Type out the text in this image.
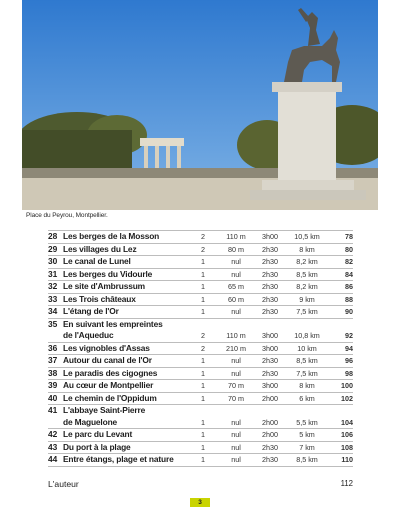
Place du Peyrou, Montpellier.
28 Les berges de la Mosson	2	110 m	3h00	10,5 km	78
29 Les villages du Lez	2	80 m	2h30	8 km	80
30 Le canal de Lunel	1	nul	2h30	8,2 km	82
31 Les berges du Vidourle	1	nul	2h30	8,5 km	84
32 Le site d'Ambrussum	1	65 m	2h30	8,2 km	86
33 Les Trois châteaux	1	60 m	2h30	9 km	88
34 L'étang de l'Or	1	nul	2h30	7,5 km	90
35 En suivant les empreintes
de l'Aqueduc	2	110 m	3h00	10,8 km	92
36 Les vignobles d'Assas	2	210 m	3h00	10 km	94
37 Autour du canal de l'Or	1	nul	2h30	8,5 km	96
38 Le paradis des cigognes	1	nul	2h30	7,5 km	98
39 Au cœur de Montpellier	1	70 m	3h00	8 km	100
40 Le chemin de l'Oppidum	1	70 m	2h00	6 km	102
41 L'abbaye Saint-Pierre
de Maguelone	1	nul	2h00	5,5 km	104
42 Le parc du Levant	1	nul	2h00	5 km	106
43 Du port à la plage	1	nul	2h30	7 km	108
44 Entre étangs, plage et nature	1	nul	2h30	8,5 km	110
L'auteur	112
3
